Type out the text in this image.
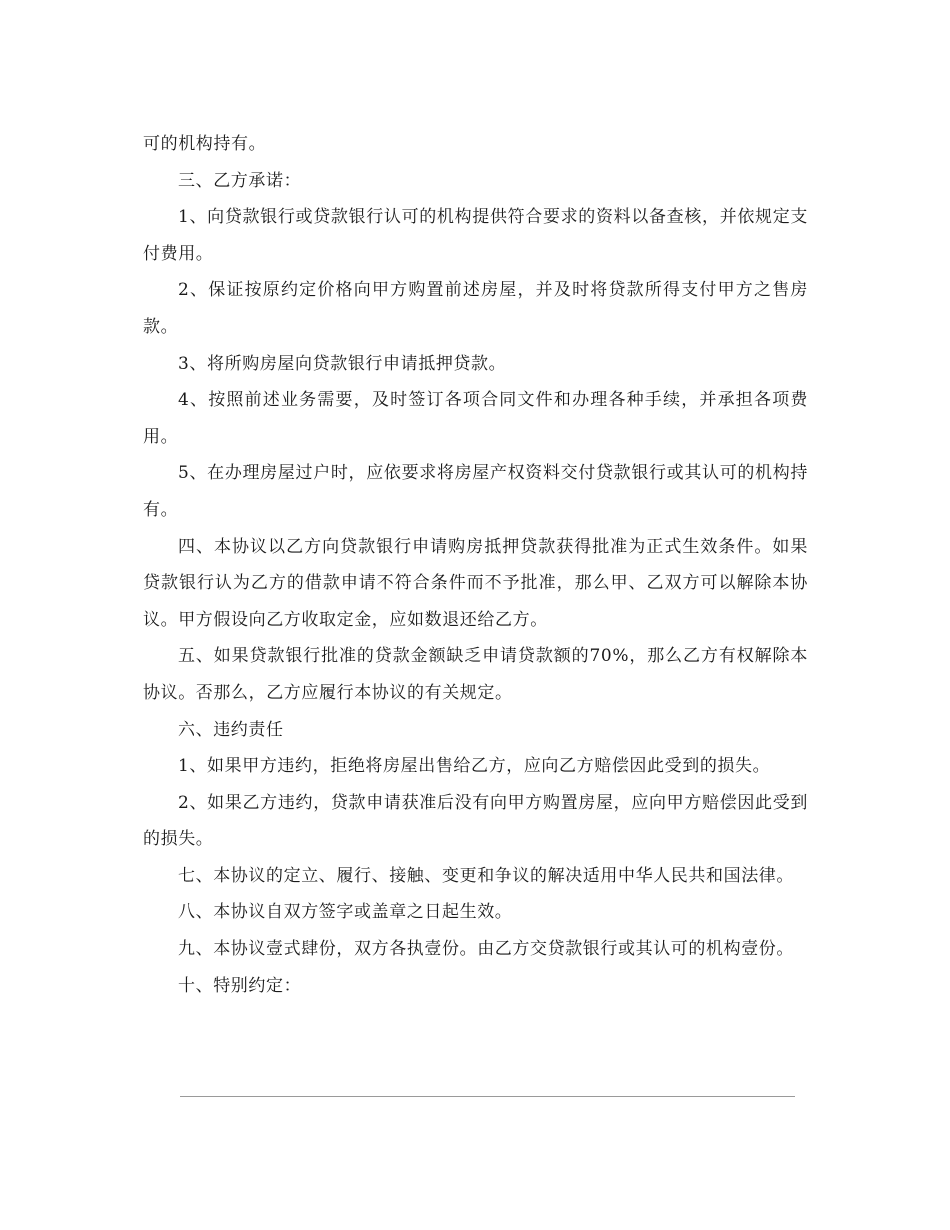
可的机构持有。

三、乙方承诺：

1、向贷款银行或贷款银行认可的机构提供符合要求的资料以备查核，并依规定支付费用。

2、保证按原约定价格向甲方购置前述房屋，并及时将贷款所得支付甲方之售房款。

3、将所购房屋向贷款银行申请抵押贷款。

4、按照前述业务需要，及时签订各项合同文件和办理各种手续，并承担各项费用。

5、在办理房屋过户时，应依要求将房屋产权资料交付贷款银行或其认可的机构持有。

四、本协议以乙方向贷款银行申请购房抵押贷款获得批准为正式生效条件。如果贷款银行认为乙方的借款申请不符合条件而不予批准，那么甲、乙双方可以解除本协议。甲方假设向乙方收取定金，应如数退还给乙方。

五、如果贷款银行批准的贷款金额缺乏申请贷款额的70%，那么乙方有权解除本协议。否那么，乙方应履行本协议的有关规定。

六、违约责任

1、如果甲方违约，拒绝将房屋出售给乙方，应向乙方赔偿因此受到的损失。

2、如果乙方违约，贷款申请获准后没有向甲方购置房屋，应向甲方赔偿因此受到的损失。

七、本协议的定立、履行、接触、变更和争议的解决适用中华人民共和国法律。

八、本协议自双方签字或盖章之日起生效。

九、本协议壹式肆份，双方各执壹份。由乙方交贷款银行或其认可的机构壹份。

十、特别约定：
